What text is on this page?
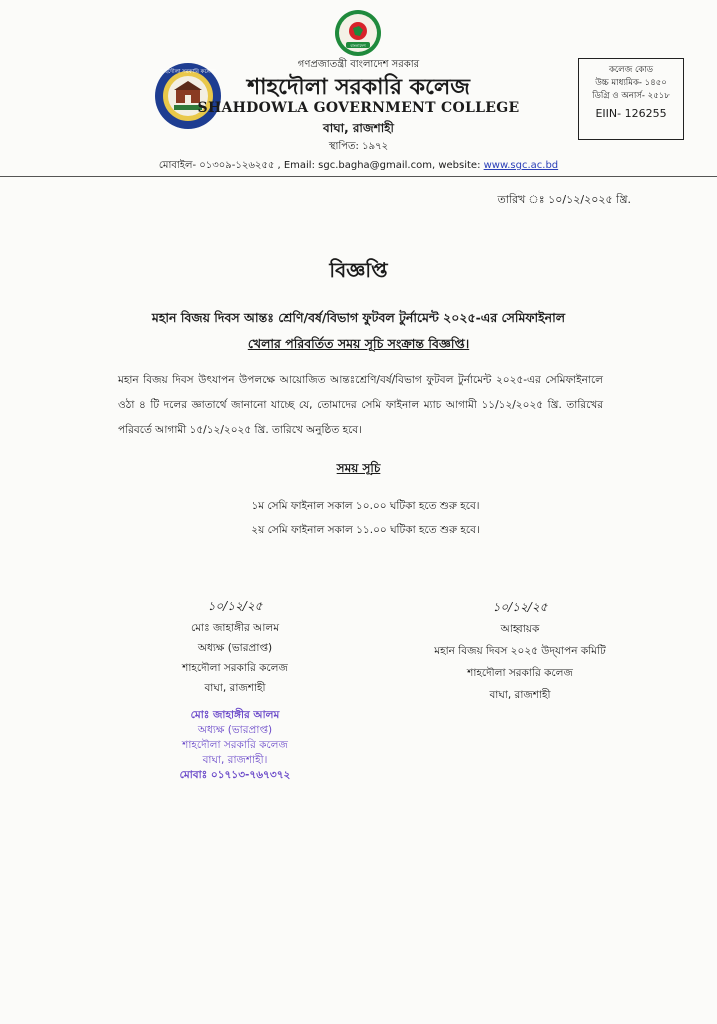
বাংলাদেশ
শাহদৌলা সরকারি কলেজ
গণপ্রজাতন্ত্রী বাংলাদেশ সরকার
শাহদৌলা সরকারি কলেজ
SHAHDOWLA GOVERNMENT COLLEGE
বাঘা, রাজশাহী
স্থাপিত: ১৯৭২
কলেজ কোড
উচ্চ মাধ্যমিক- ১৪৫০
ডিগ্রি ও অনার্স- ২৫১৮
EIIN- 126255
মোবাইল- ০১৩০৯-১২৬২৫৫ , Email: sgc.bagha@gmail.com, website: www.sgc.ac.bd
তারিখ ঃ ১০/১২/২০২৫ খ্রি.
বিজ্ঞপ্তি
মহান বিজয় দিবস আন্তঃ শ্রেণি/বর্ষ/বিভাগ ফুটবল টুর্নামেন্ট ২০২৫-এর সেমিফাইনাল
খেলার পরিবর্তিত সময় সূচি সংক্রান্ত বিজ্ঞপ্তি।
মহান বিজয় দিবস উৎযাপন উপলক্ষে আয়োজিত আন্তঃশ্রেণি/বর্ষ/বিভাগ ফুটবল টুর্নামেন্ট ২০২৫-এর সেমিফাইনালে ওঠা ৪ টি দলের জ্ঞাতার্থে জানানো যাচ্ছে যে, তোমাদের সেমি ফাইনাল ম্যাচ আগামী ১১/১২/২০২৫ খ্রি. তারিখের পরিবর্তে আগামী ১৫/১২/২০২৫ খ্রি. তারিখে অনুষ্ঠিত হবে।
সময় সূচি
১ম সেমি ফাইনাল সকাল ১০.০০ ঘটিকা হতে শুরু হবে।
২য় সেমি ফাইনাল সকাল ১১.০০ ঘটিকা হতে শুরু হবে।
১০/১২/২৫
মোঃ জাহাঙ্গীর আলম
অধ্যক্ষ (ভারপ্রাপ্ত)
শাহদৌলা সরকারি কলেজ
বাঘা, রাজশাহী
মোঃ জাহাঙ্গীর আলম
অধ্যক্ষ (ভারপ্রাপ্ত)
শাহদৌলা সরকারি কলেজ
বাঘা, রাজশাহী।
মোবাঃ ০১৭১৩-৭৬৭৩৭২
১০/১২/২৫
আহ্বায়ক
মহান বিজয় দিবস ২০২৫ উদ্‌যাপন কমিটি
শাহদৌলা সরকারি কলেজ
বাঘা, রাজশাহী
